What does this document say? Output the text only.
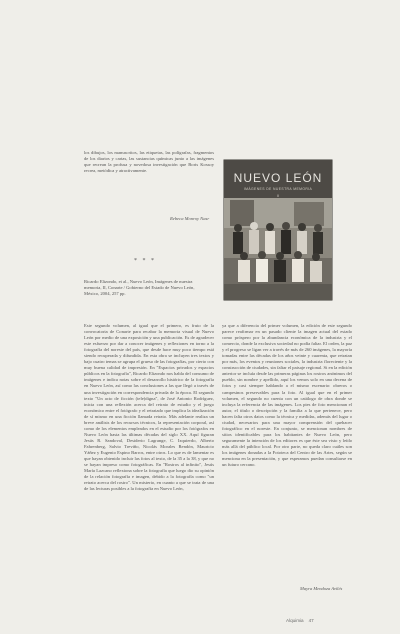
los dibujos, los manuscritos, las etiquetas, las polígrafas, fragmentos de los diarios y cartas, las sustancias químicas junto a las imágenes que recrean la profusa y novedosa investigación que Boris Kossoy recrea, metódica y atractivamente.

Rebeca Monroy Nasr
* * *

Ricardo Elizondo, et al., Nuevo León, Imágenes de nuestra memoria, II, Conarte / Gobierno del Estado de Nuevo León, México, 2004, 257 pp.

NUEVO LEÓN
IMÁGENES DE NUESTRA MEMORIA
II

Este segundo volumen, al igual que el primero, es fruto de la convocatoria de Conarte para recabar la memoria visual de Nuevo León por medio de una exposición y una publicación. Es de agradecer este esfuerzo por dar a conocer imágenes y reflexiones en torno a la fotografía del noreste del país, que desde hace muy poco tiempo está siendo recuperada y difundida. En esta obra se incluyen tres textos y bajo cuatro temas se agrupa el grueso de las fotografías, por cierto con muy buena calidad de impresión. En "Espacios privados y espacios públicos en la fotografía", Ricardo Elizondo nos habla del consumo de imágenes e indica notas sobre el desarrollo histórico de la fotografía en Nuevo León, así como las conclusiones a las que llegó a través de una investigación en correspondencia privada de la época. El segundo texto "Un acto de ficción (tele)digna", de José Antonio Rodríguez, inicia con una reflexión acerca del retrato de estudio y el juego económico entre el fotógrafo y el retratado que implica la idealización de sí mismo en una ficción llamada retrato. Más adelante realiza un breve análisis de los recursos técnicos, la representación corporal, así como de los elementos empleados en el estudio por los fotógrafos en Nuevo León hasta las últimas décadas del siglo XX. Aquí figuran Jesús R. Sandoval, Desiderio Lagrange, C. Izquierdo, Alberto Fahrenberg, Salvio Treviño, Nicolás Morales Rendón, Mauricio Yáñez y Eugenio Espino Barros, entre otros. Lo que es de lamentar es que hayan obtenido incluir las fotos al texto, de la 35 a la 38, y que no se hayan impreso como fotográficas. En "Rostros al infinito", Jesús María Lazcano reflexiona sobre la fotografía que luego dio su opinión de la relación fotografía e imagen, debido a la fotografía como "un retrato acerca del rostro". Un misterio, en cuanto a que se trata de una de las lecturas posibles a la fotografía en Nuevo León,

ya que a diferencia del primer volumen, la edición de este segundo parece reafirmar en un pasado cliente la imagen actual del estado como próspero por la abundancia económica de la industria y el comercio, donde la exclusiva sociedad no podía faltar. El orden, la paz y el progreso se ligan ver a través de más de 260 imágenes, la mayoría tomadas entre las décadas de los años veinte y cuarenta, que retratan por más, los eventos y reuniones sociales, la industria floreciente y la construcción de ciudades, sin faltar el paisaje regional. Si en la edición anterior se incluía desde las primeras páginas los rostros anónimos del pueblo, sin nombre y apellido, aquí los vemos solo en una decena de fotos y casi siempre hablando a el mismo escenario: obreros o campesinos preservables para la foto. Al igual que en el primer volumen, el segundo no cuenta con un catálogo de obra donde se incluya la referencia de las imágenes. Los pies de foto mencionan el autor, el título o descripción y la familia a la que pertenece, pero hacen falta otros datos como la técnica y medidas, además del lugar o ciudad, necesarios para una mayor comprensión del quehacer fotográfico en el noreste. En conjunto, se mencionan nombres de sitios identificables para los habitantes de Nuevo León, pero seguramente la intención de los editores es que éste sea visto y leído más allá del público local. Por otro parte, no queda claro cuáles son los imágenes donadas a la Fototeca del Centro de las Artes, según se menciona en la presentación, y que esperamos puedan consultarse en un futuro cercano.

Mayra Mendoza Avilés
Alquimia 47
